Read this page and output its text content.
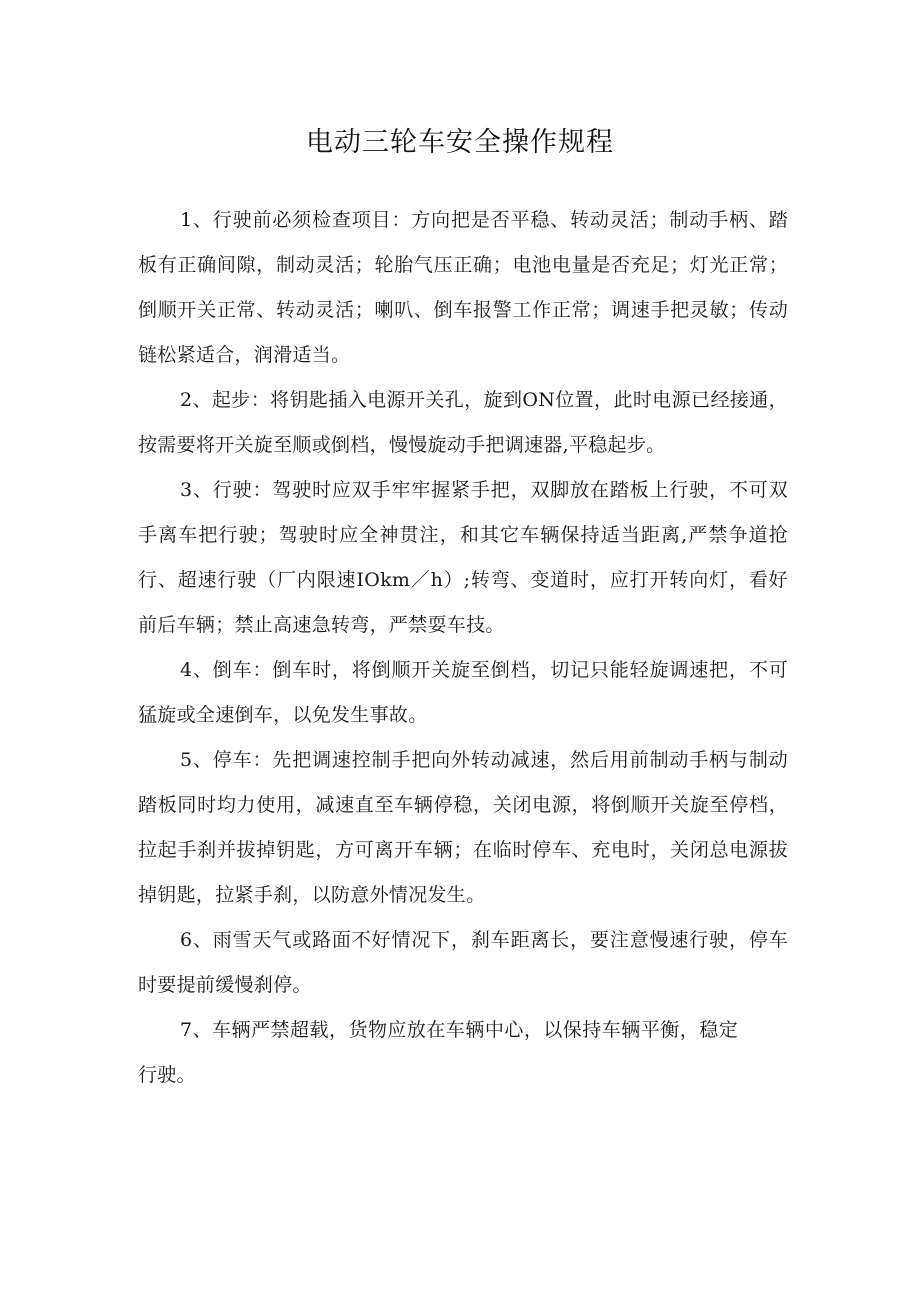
电动三轮车安全操作规程

1、行驶前必须检查项目：方向把是否平稳、转动灵活；制动手柄、踏板有正确间隙，制动灵活；轮胎气压正确；电池电量是否充足；灯光正常；倒顺开关正常、转动灵活；喇叭、倒车报警工作正常；调速手把灵敏；传动链松紧适合，润滑适当。

2、起步：将钥匙插入电源开关孔，旋到ON位置，此时电源已经接通，按需要将开关旋至顺或倒档，慢慢旋动手把调速器,平稳起步。

3、行驶：驾驶时应双手牢牢握紧手把，双脚放在踏板上行驶，不可双手离车把行驶；驾驶时应全神贯注，和其它车辆保持适当距离,严禁争道抢行、超速行驶（厂内限速IOkm／h）;转弯、变道时，应打开转向灯，看好前后车辆；禁止高速急转弯，严禁耍车技。

4、倒车：倒车时，将倒顺开关旋至倒档，切记只能轻旋调速把，不可猛旋或全速倒车，以免发生事故。

5、停车：先把调速控制手把向外转动减速，然后用前制动手柄与制动踏板同时均力使用，减速直至车辆停稳，关闭电源，将倒顺开关旋至停档，拉起手刹并拔掉钥匙，方可离开车辆；在临时停车、充电时，关闭总电源拔掉钥匙，拉紧手刹，以防意外情况发生。

6、雨雪天气或路面不好情况下，刹车距离长，要注意慢速行驶，停车时要提前缓慢刹停。

7、车辆严禁超载，货物应放在车辆中心，以保持车辆平衡，稳定行驶。
